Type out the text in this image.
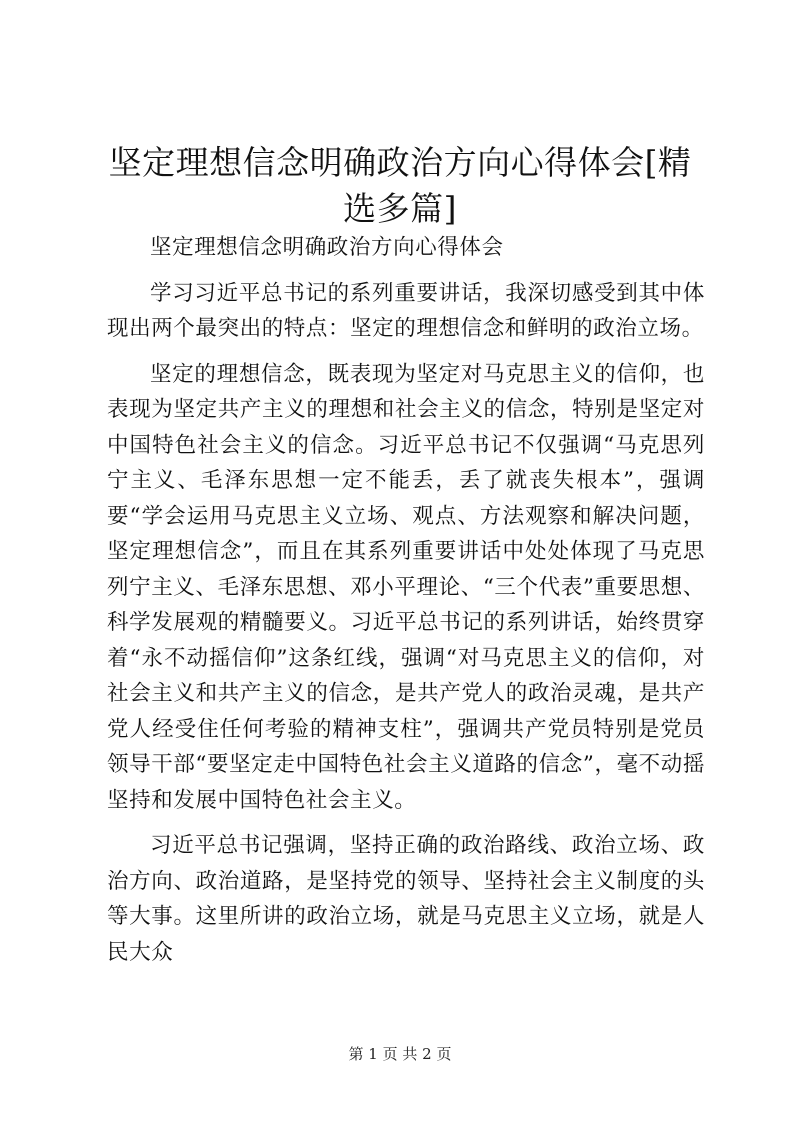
坚定理想信念明确政治方向心得体会[精选多篇]

坚定理想信念明确政治方向心得体会

学习习近平总书记的系列重要讲话，我深切感受到其中体现出两个最突出的特点：坚定的理想信念和鲜明的政治立场。

坚定的理想信念，既表现为坚定对马克思主义的信仰，也表现为坚定共产主义的理想和社会主义的信念，特别是坚定对中国特色社会主义的信念。习近平总书记不仅强调“马克思列宁主义、毛泽东思想一定不能丢，丢了就丧失根本”，强调要“学会运用马克思主义立场、观点、方法观察和解决问题，坚定理想信念”，而且在其系列重要讲话中处处体现了马克思列宁主义、毛泽东思想、邓小平理论、“三个代表”重要思想、科学发展观的精髓要义。习近平总书记的系列讲话，始终贯穿着“永不动摇信仰”这条红线，强调“对马克思主义的信仰，对社会主义和共产主义的信念，是共产党人的政治灵魂，是共产党人经受住任何考验的精神支柱”，强调共产党员特别是党员领导干部“要坚定走中国特色社会主义道路的信念”，毫不动摇坚持和发展中国特色社会主义。

习近平总书记强调，坚持正确的政治路线、政治立场、政治方向、政治道路，是坚持党的领导、坚持社会主义制度的头等大事。这里所讲的政治立场，就是马克思主义立场，就是人民大众

第 1 页 共 2 页
